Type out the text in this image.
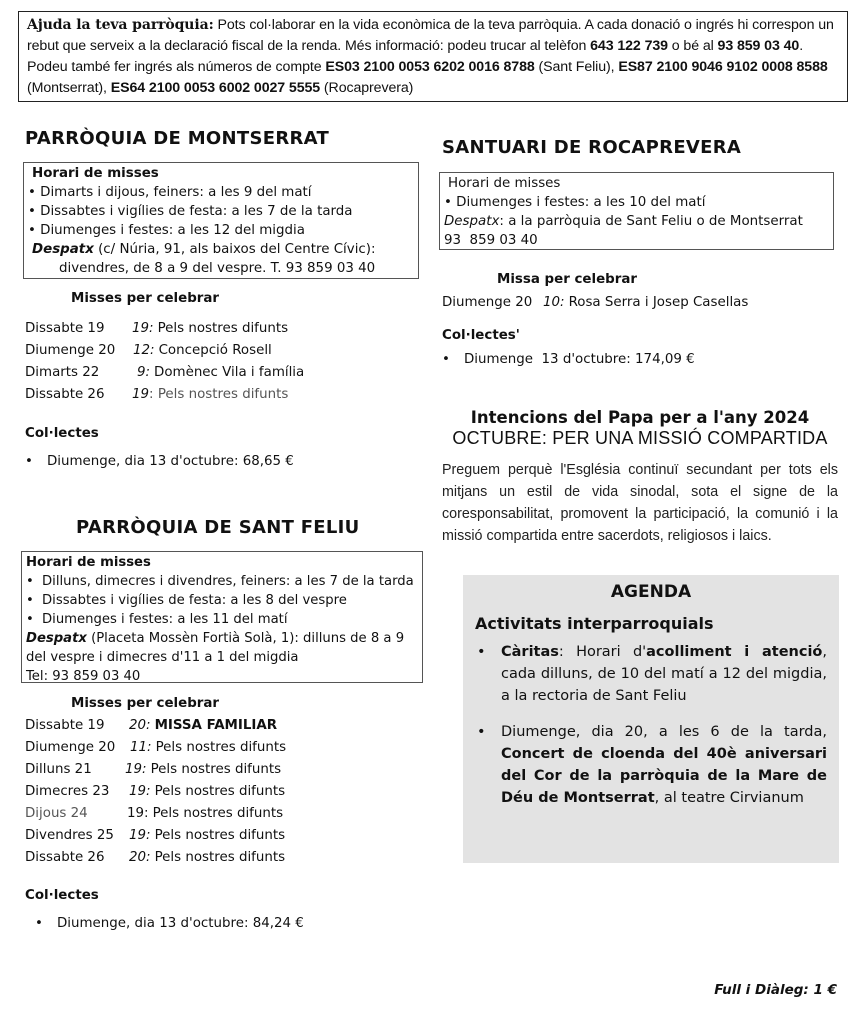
Ajuda la teva parròquia: Pots col·laborar en la vida econòmica de la teva parròquia. A cada donació o ingrés hi correspon un rebut que serveix a la declaració fiscal de la renda. Més informació: podeu trucar al telèfon 643 122 739 o bé al 93 859 03 40. Podeu també fer ingrés als números de compte ES03 2100 0053 6202 0016 8788 (Sant Feliu), ES87 2100 9046 9102 0008 8588 (Montserrat), ES64 2100 0053 6002 0027 5555 (Rocaprevera)
PARRÒQUIA DE MONTSERRAT
Horari de misses
• Dimarts i dijous, feiners: a les 9 del matí
• Dissabtes i vigílies de festa: a les 7 de la tarda
• Diumenges i festes: a les 12 del migdia
Despatx (c/ Núria, 91, als baixos del Centre Cívic):
divendres, de 8 a 9 del vespre. T. 93 859 03 40
Misses per celebrar
Dissabte 19	19: Pels nostres difunts
Diumenge 20	12: Concepció Rosell
Dimarts 22	9: Domènec Vila i família
Dissabte 26	19 : Pels nostres difunts
Col·lectes
•	Diumenge, dia 13 d'octubre: 68,65 €
PARRÒQUIA DE SANT FELIU
Horari de misses
• Dilluns, dimecres i divendres, feiners: a les 7 de la tarda
• Dissabtes i vigílies de festa: a les 8 del vespre
• Diumenges i festes: a les 11 del matí
Despatx (Placeta Mossèn Fortià Solà, 1): dilluns de 8 a 9 del vespre i dimecres d'11 a 1 del migdia
Tel: 93 859 03 40
Misses per celebrar
Dissabte 19	20: MISSA FAMILIAR
Diumenge 20	11: Pels nostres difunts
Dilluns 21	19: Pels nostres difunts
Dimecres 23	19: Pels nostres difunts
Dijous 24	19: Pels nostres difunts
Divendres 25	19: Pels nostres difunts
Dissabte 26	20: Pels nostres difunts
Col·lectes
•	Diumenge, dia 13 d'octubre: 84,24 €
SANTUARI DE ROCAPREVERA
Horari de misses
• Diumenges i festes: a les 10 del matí
Despatx: a la parròquia de Sant Feliu o de Montserrat
93  859 03 40
Missa per celebrar
Diumenge 20 10: Rosa Serra i Josep Casellas
Col·lectes'
•	Diumenge  13 d'octubre: 174,09 €
Intencions del Papa per a l'any 2024
OCTUBRE: PER UNA MISSIÓ COMPARTIDA
Preguem perquè l'Església continuï secundant per tots els mitjans un estil de vida sinodal, sota el signe de la coresponsabilitat, promovent la participació, la comunió i la missió compartida entre sacerdots, religiosos i laics.
AGENDA
Activitats interparroquials
•	Càritas: Horari d'acolliment i atenció, cada dilluns, de 10 del matí a 12 del migdia, a la rectoria de Sant Feliu
•	Diumenge, dia 20, a les 6 de la tarda, Concert de cloenda del 40è aniversari del Cor de la parròquia de la Mare de Déu de Montserrat, al teatre Cirvianum
Full i Diàleg: 1 €
